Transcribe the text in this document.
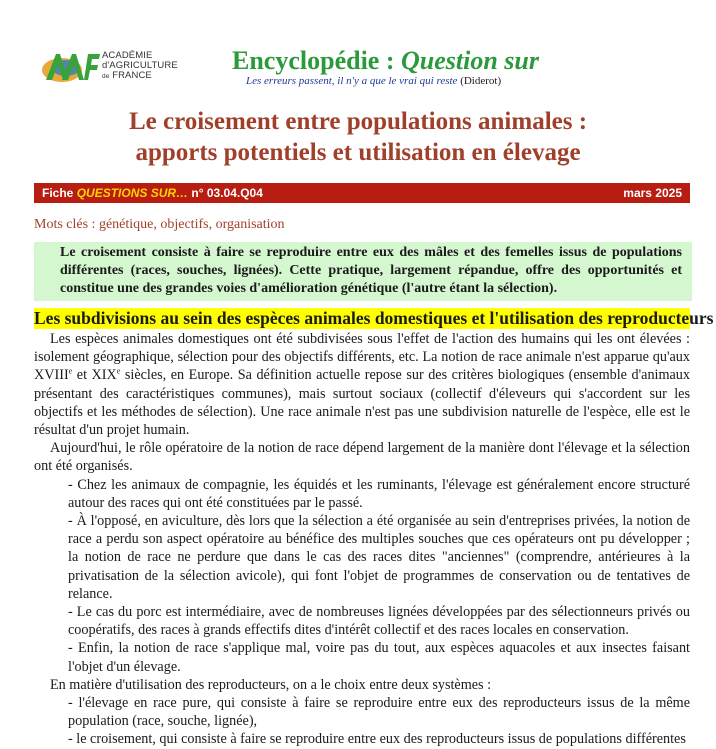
ACADÉMIE
d'AGRICULTURE
de FRANCE
Encyclopédie : Question sur
Les erreurs passent, il n'y a que le vrai qui reste (Diderot)
Le croisement entre populations animales :
apports potentiels et utilisation en élevage
Fiche QUESTIONS SUR… n° 03.04.Q04	mars 2025
Mots clés : génétique, objectifs, organisation

Le croisement consiste à faire se reproduire entre eux des mâles et des femelles issus de populations différentes (races, souches, lignées). Cette pratique, largement répandue, offre des opportunités et constitue une des grandes voies d'amélioration génétique (l'autre étant la sélection).

Les subdivisions au sein des espèces animales domestiques et l'utilisation des reproducteurs

Les espèces animales domestiques ont été subdivisées sous l'effet de l'action des humains qui les ont élevées : isolement géographique, sélection pour des objectifs différents, etc. La notion de race animale n'est apparue qu'aux XVIIIe et XIXe siècles, en Europe. Sa définition actuelle repose sur des critères biologiques (ensemble d'animaux présentant des caractéristiques communes), mais surtout sociaux (collectif d'éleveurs qui s'accordent sur les objectifs et les méthodes de sélection). Une race animale n'est pas une subdivision naturelle de l'espèce, elle est le résultat d'un projet humain.

Aujourd'hui, le rôle opératoire de la notion de race dépend largement de la manière dont l'élevage et la sélection ont été organisés.

- Chez les animaux de compagnie, les équidés et les ruminants, l'élevage est généralement encore structuré autour des races qui ont été constituées par le passé.

- À l'opposé, en aviculture, dès lors que la sélection a été organisée au sein d'entreprises privées, la notion de race a perdu son aspect opératoire au bénéfice des multiples souches que ces opérateurs ont pu développer ; la notion de race ne perdure que dans le cas des races dites "anciennes" (comprendre, antérieures à la privatisation de la sélection avicole), qui font l'objet de programmes de conservation ou de tentatives de relance.

- Le cas du porc est intermédiaire, avec de nombreuses lignées développées par des sélectionneurs privés ou coopératifs, des races à grands effectifs dites d'intérêt collectif et des races locales en conservation.

- Enfin, la notion de race s'applique mal, voire pas du tout, aux espèces aquacoles et aux insectes faisant l'objet d'un élevage.

En matière d'utilisation des reproducteurs, on a le choix entre deux systèmes :

- l'élevage en race pure, qui consiste à faire se reproduire entre eux des reproducteurs issus de la même population (race, souche, lignée),

- le croisement, qui consiste à faire se reproduire entre eux des reproducteurs issus de populations différentes
